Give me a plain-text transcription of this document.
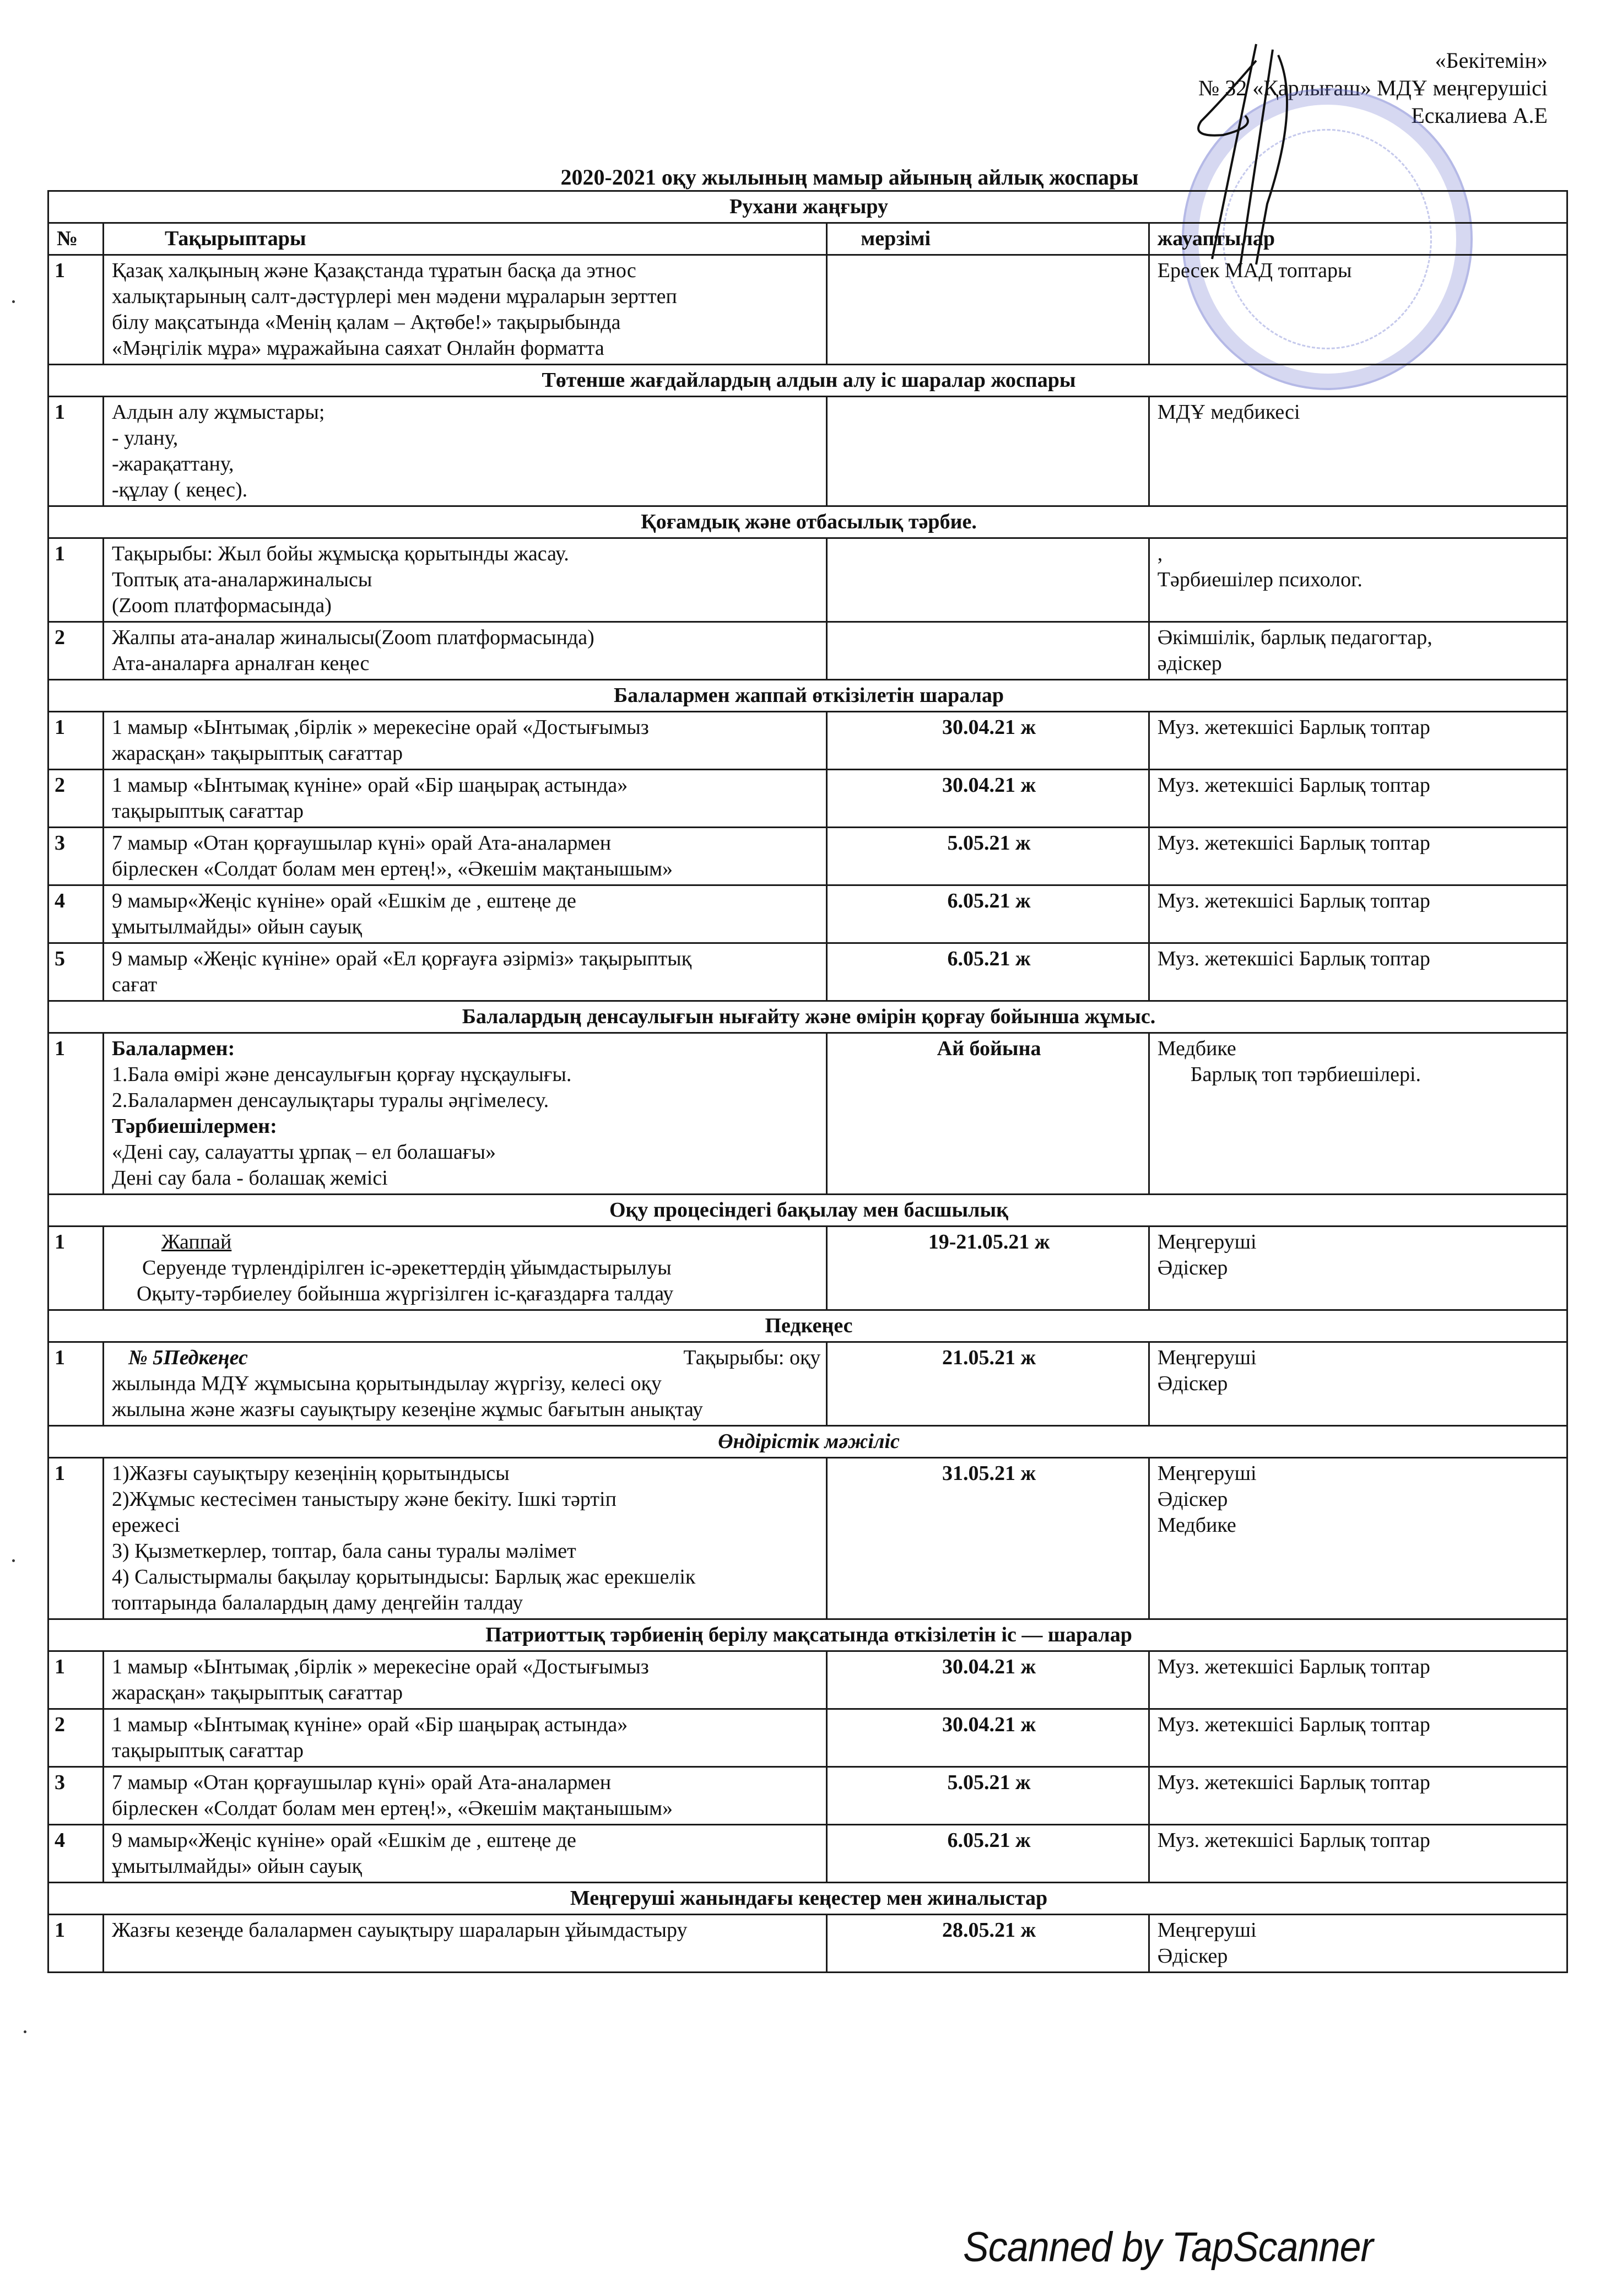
«Бекітемін»
№ 32 «Қарлығаш» МДҰ меңгерушісі
Ескалиева А.Е
2020-2021 оқу жылының мамыр айының айлық жоспары
Рухани жаңғыру			
№	Тақырыптары	мерзімі	жауаптылар
1	Қазақ халқының және Қазақстанда тұратын басқа да этнос
халықтарының салт-дәстүрлері мен мәдени мұраларын зерттеп
білу мақсатында «Менің қалам – Ақтөбе!» тақырыбында
«Мәңгілік мұра» мұражайына саяхат Онлайн форматта		Ересек МАД топтары

Төтенше жағдайлардың алдын алу іс шаралар жоспары			
1	Алдын алу жұмыстары;
- улану,
-жарақаттану,
-құлау ( кеңес).		МДҰ медбикесі

Қоғамдық және отбасылық тәрбие.			
1	Тақырыбы: Жыл бойы жұмысқа қорытынды жасау.
Топтық ата-аналаржиналысы
(Zoom платформасында)		,
Тәрбиешілер психолог.

2	Жалпы ата-аналар жиналысы(Zoom платформасында)
Ата-аналарға арналған кеңес		Әкімшілік, барлық педагогтар,
әдіскер

Балалармен жаппай өткізілетін шаралар			
1	1 мамыр «Ынтымақ ,бірлік » мерекесіне орай «Достығымыз
жарасқан» тақырыптық сағаттар	30.04.21 ж	Муз. жетекшісі Барлық топтар

2	1 мамыр «Ынтымақ күніне» орай «Бір шаңырақ астында»
тақырыптық сағаттар	30.04.21 ж	Муз. жетекшісі Барлық топтар

3	7 мамыр «Отан қорғаушылар күні» орай Ата-аналармен
бірлескен «Солдат болам мен ертең!», «Әкешім мақтанышым»	5.05.21 ж	Муз. жетекшісі Барлық топтар

4	9 мамыр«Жеңіс күніне» орай «Ешкім де , ештеңе де
ұмытылмайды» ойын сауық	6.05.21 ж	Муз. жетекшісі Барлық топтар

5	9 мамыр «Жеңіс күніне» орай «Ел қорғауға әзірміз» тақырыптық
сағат	6.05.21 ж	Муз. жетекшісі Барлық топтар

Балалардың денсаулығын нығайту және өмірін қорғау бойынша жұмыс.			
1	Балалармен:
1.Бала өмірі және денсаулығын қорғау нұсқаулығы.
2.Балалармен денсаулықтары туралы әңгімелесу.
Тәрбиешілермен:
«Дені сау, салауатты ұрпақ – ел болашағы»
Дені сау бала - болашақ жемісі
	Ай бойына	Медбике
Барлық топ тәрбиешілері.

Оқу процесіндегі бақылау мен басшылық			
1	Жаппай
Серуенде түрлендірілген іс-әрекеттердің ұйымдастырылуы
Оқыту-тәрбиелеу бойынша жүргізілген іс-қағаздарға талдау	19-21.05.21 ж	Меңгеруші
Әдіскер

Педкеңес			
1	№ 5Педкеңес Тақырыбы: оқу
жылында МДҰ жұмысына қорытындылау жүргізу, келесі оқу
жылына және жазғы сауықтыру кезеңіне жұмыс бағытын анықтау	21.05.21 ж	Меңгеруші
Әдіскер

Өндірістік мәжіліс			
1	1)Жазғы сауықтыру кезеңінің қорытындысы
2)Жұмыс кестесімен таныстыру және бекіту. Ішкі тәртіп
ережесі
3) Қызметкерлер, топтар, бала саны туралы мәлімет
4) Салыстырмалы бақылау қорытындысы: Барлық жас ерекшелік
топтарында балалардың даму деңгейін талдау
	31.05.21 ж	Меңгеруші
Әдіскер
Медбике

Патриоттық тәрбиенің берілу мақсатында өткізілетін іс — шаралар			
1	1 мамыр «Ынтымақ ,бірлік » мерекесіне орай «Достығымыз
жарасқан» тақырыптық сағаттар	30.04.21 ж	Муз. жетекшісі Барлық топтар

2	1 мамыр «Ынтымақ күніне» орай «Бір шаңырақ астында»
тақырыптық сағаттар	30.04.21 ж	Муз. жетекшісі Барлық топтар

3	7 мамыр «Отан қорғаушылар күні» орай Ата-аналармен
бірлескен «Солдат болам мен ертең!», «Әкешім мақтанышым»	5.05.21 ж	Муз. жетекшісі Барлық топтар

4	9 мамыр«Жеңіс күніне» орай «Ешкім де , ештеңе де
ұмытылмайды» ойын сауық	6.05.21 ж	Муз. жетекшісі Барлық топтар

Меңгеруші жанындағы кеңестер мен жиналыстар			
1	Жазғы кезеңде балалармен сауықтыру шараларын ұйымдастыру	28.05.21 ж	Меңгеруші
Әдіскер
Scanned by TapScanner
